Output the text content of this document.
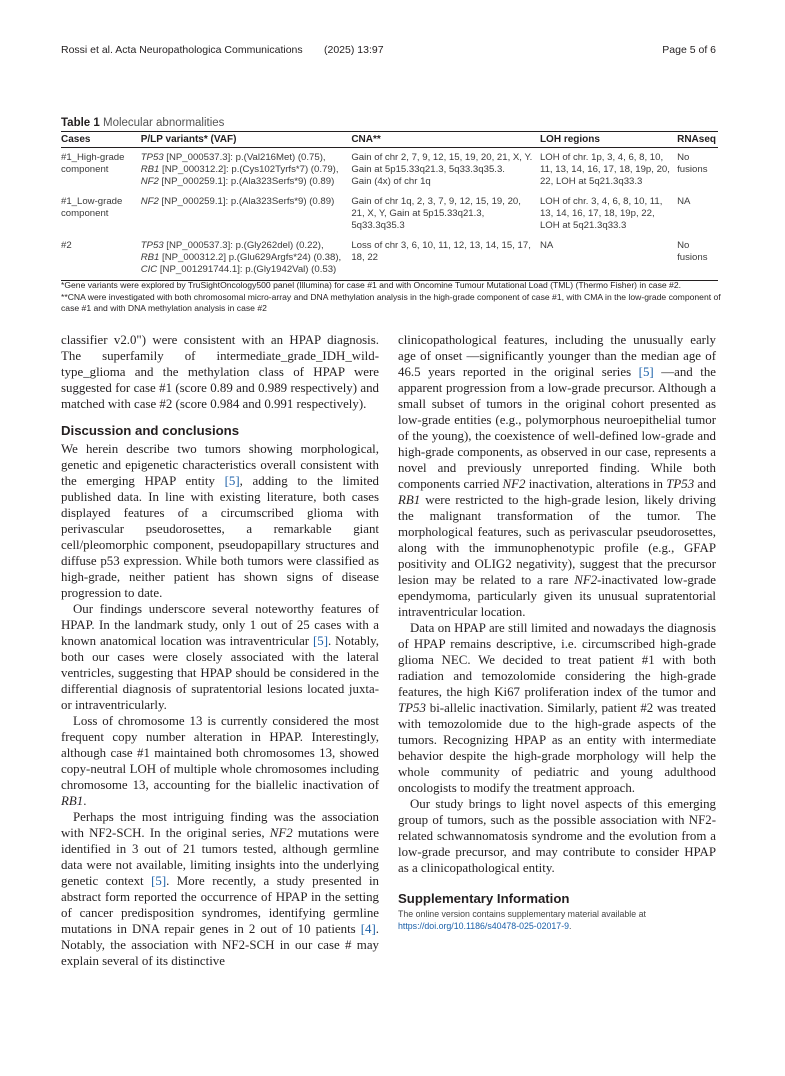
Rossi et al. Acta Neuropathologica Communications (2025) 13:97	Page 5 of 6
Table 1 Molecular abnormalities
Cases	P/LP variants* (VAF)	CNA**	LOH regions	RNAseq
#1_High-grade component	TP53 [NP_000537.3]: p.(Val216Met) (0.75),
RB1 [NP_000312.2]: p.(Cys102Tyrfs*7) (0.79),
NF2 [NP_000259.1]: p.(Ala323Serfs*9) (0.89)	Gain of chr 2, 7, 9, 12, 15, 19, 20, 21, X, Y.
Gain at 5p15.33q21.3, 5q33.3q35.3.
Gain (4x) of chr 1q	LOH of chr. 1p, 3, 4, 6, 8, 10, 11, 13, 14, 16, 17, 18, 19p, 20, 22, LOH at 5q21.3q33.3	No fusions
#1_Low-grade component	NF2 [NP_000259.1]: p.(Ala323Serfs*9) (0.89)	Gain of chr 1q, 2, 3, 7, 9, 12, 15, 19, 20, 21, X, Y, Gain at 5p15.33q21.3, 5q33.3q35.3	LOH of chr. 3, 4, 6, 8, 10, 11, 13, 14, 16, 17, 18, 19p, 22, LOH at 5q21.3q33.3	NA
#2	TP53 [NP_000537.3]: p.(Gly262del) (0.22),
RB1 [NP_000312.2] p.(Glu629Argfs*24) (0.38),
CIC [NP_001291744.1]: p.(Gly1942Val) (0.53)	Loss of chr 3, 6, 10, 11, 12, 13, 14, 15, 17, 18, 22	NA	No fusions
*Gene variants were explored by TruSightOncology500 panel (Illumina) for case #1 and with Oncomine Tumour Mutational Load (TML) (Thermo Fisher) in case #2.
**CNA were investigated with both chromosomal micro-array and DNA methylation analysis in the high-grade component of case #1, with CMA in the low-grade component of case #1 and with DNA methylation analysis in case #2

classifier v2.0") were consistent with an HPAP diagnosis. The superfamily of intermediate_grade_IDH_wild-type_glioma and the methylation class of HPAP were suggested for case #1 (score 0.89 and 0.989 respectively) and matched with case #2 (score 0.984 and 0.991 respectively).

Discussion and conclusions

We herein describe two tumors showing morphological, genetic and epigenetic characteristics overall consistent with the emerging HPAP entity [5], adding to the limited published data. In line with existing literature, both cases displayed features of a circumscribed glioma with perivascular pseudorosettes, a remarkable giant cell/pleomorphic component, pseudopapillary structures and diffuse p53 expression. While both tumors were classified as high-grade, neither patient has shown signs of disease progression to date.

Our findings underscore several noteworthy features of HPAP. In the landmark study, only 1 out of 25 cases with a known anatomical location was intraventricular [5]. Notably, both our cases were closely associated with the lateral ventricles, suggesting that HPAP should be considered in the differential diagnosis of supratentorial lesions located juxta- or intraventricularly.

Loss of chromosome 13 is currently considered the most frequent copy number alteration in HPAP. Interestingly, although case #1 maintained both chromosomes 13, showed copy-neutral LOH of multiple whole chromosomes including chromosome 13, accounting for the biallelic inactivation of RB1.

Perhaps the most intriguing finding was the association with NF2-SCH. In the original series, NF2 mutations were identified in 3 out of 21 tumors tested, although germline data were not available, limiting insights into the underlying genetic context [5]. More recently, a study presented in abstract form reported the occurrence of HPAP in the setting of cancer predisposition syndromes, identifying germline mutations in DNA repair genes in 2 out of 10 patients [4]. Notably, the association with NF2-SCH in our case # may explain several of its distinctive

clinicopathological features, including the unusually early age of onset —significantly younger than the median age of 46.5 years reported in the original series [5] —and the apparent progression from a low-grade precursor. Although a small subset of tumors in the original cohort presented as low-grade entities (e.g., polymorphous neuroepithelial tumor of the young), the coexistence of well-defined low-grade and high-grade components, as observed in our case, represents a novel and previously unreported finding. While both components carried NF2 inactivation, alterations in TP53 and RB1 were restricted to the high-grade lesion, likely driving the malignant transformation of the tumor. The morphological features, such as perivascular pseudorosettes, along with the immunophenotypic profile (e.g., GFAP positivity and OLIG2 negativity), suggest that the precursor lesion may be related to a rare NF2-inactivated low-grade ependymoma, particularly given its unusual supratentorial intraventricular location.

Data on HPAP are still limited and nowadays the diagnosis of HPAP remains descriptive, i.e. circumscribed high-grade glioma NEC. We decided to treat patient #1 with both radiation and temozolomide considering the high-grade features, the high Ki67 proliferation index of the tumor and TP53 bi-allelic inactivation. Similarly, patient #2 was treated with temozolomide due to the high-grade aspects of the tumors. Recognizing HPAP as an entity with intermediate behavior despite the high-grade morphology will help the whole community of pediatric and young adulthood oncologists to modify the treatment approach.

Our study brings to light novel aspects of this emerging group of tumors, such as the possible association with NF2-related schwannomatosis syndrome and the evolution from a low-grade precursor, and may contribute to consider HPAP as a clinicopathological entity.

Supplementary Information
The online version contains supplementary material available at https://doi.org/10.1186/s40478-025-02017-9.
